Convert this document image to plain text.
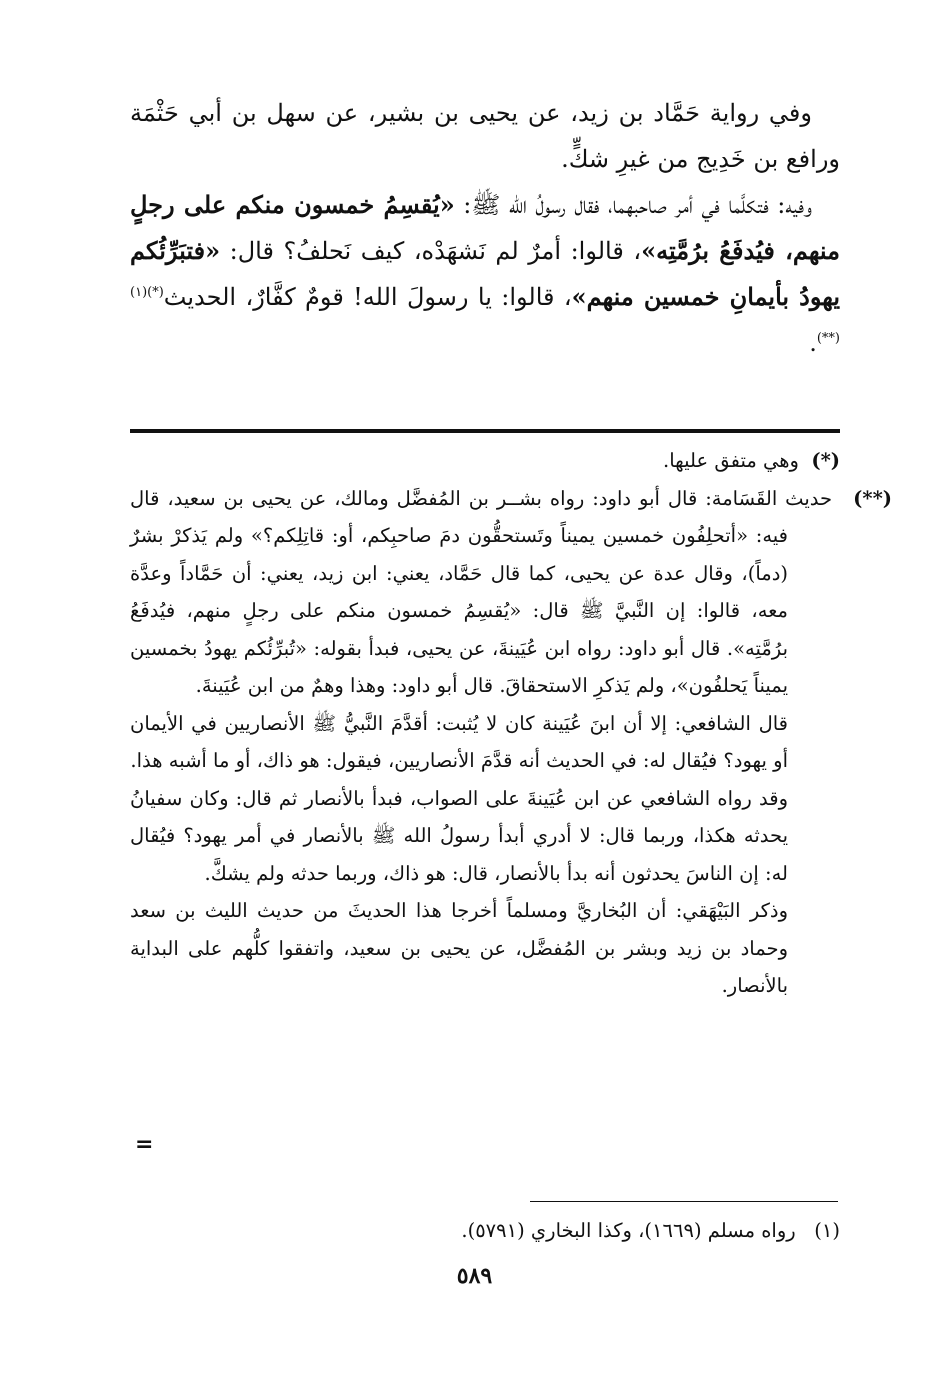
وفي رواية حَمَّاد بن زيد، عن يحيى بن بشير، عن سهل بن أبي حَثْمَة ورافع بن خَدِيج من غيرِ شكٍّ.

وفيه: فتكلَّما في أمر صاحبهما، فقال رسولُ الله ﷺ: «يُقسِمُ خمسون منكم على رجلٍ منهم، فيُدفَعُ برُمَّتِه»، قالوا: أمرٌ لم نَشهَدْه، كيف نَحلفُ؟ قال: «فتبَرِّئُكم يهودُ بأيمانِ خمسين منهم»، قالوا: يا رسولَ الله! قومٌ كفَّارٌ، الحديث$^{(*)(١)(**)}$.

(*)  وهي متفق عليها.

(**) حديث القَسَامة: قال أبو داود: رواه بشــر بن المُفضَّل ومالك، عن يحيى بن سعيد، قال فيه: «أتحلِفُون خمسين يميناً وتَستحقُّون دمَ صاحبِكم، أو: قاتِلِكم؟» ولم يَذكرْ بشرٌ (دماً)، وقال عدة عن يحيى، كما قال حَمَّاد، يعني: ابن زيد، يعني: أن حَمَّاداً وعدَّة معه، قالوا: إن النَّبيَّ ﷺ قال: «يُقسِمُ خمسون منكم على رجلٍ منهم، فيُدفَعُ برُمَّتِه». قال أبو داود: رواه ابن عُيَينةَ، عن يحيى، فبدأ بقوله: «تُبرِّئُكم يهودُ بخمسين يميناً يَحلفُون»، ولم يَذكرِ الاستحقاقَ. قال أبو داود: وهذا وهمٌ من ابن عُيَينةَ.

قال الشافعي: إلا أن ابنَ عُيَينة كان لا يُثبت: أقدَّمَ النَّبيُّ ﷺ الأنصاريين في الأيمان أو يهود؟ فيُقال له: في الحديث أنه قدَّمَ الأنصاريين، فيقول: هو ذاك، أو ما أشبه هذا.

وقد رواه الشافعي عن ابن عُيَينةَ على الصواب، فبدأ بالأنصار ثم قال: وكان سفيانُ يحدثه هكذا، وربما قال: لا أدري أبدأ رسولُ الله ﷺ بالأنصار في أمر يهود؟ فيُقال له: إن الناسَ يحدثون أنه بدأ بالأنصار، قال: هو ذاك، وربما حدثه ولم يشكَّ.

وذكر البَيْهَقي: أن البُخاريَّ ومسلماً أخرجا هذا الحديثَ من حديث الليث بن سعد وحماد بن زيد وبشر بن المُفضَّل، عن يحيى بن سعيد، واتفقوا كلُّهم على البداية بالأنصار.

=
(١)   رواه مسلم (١٦٦٩)، وكذا البخاري (٥٧٩١).
٥٨٩
